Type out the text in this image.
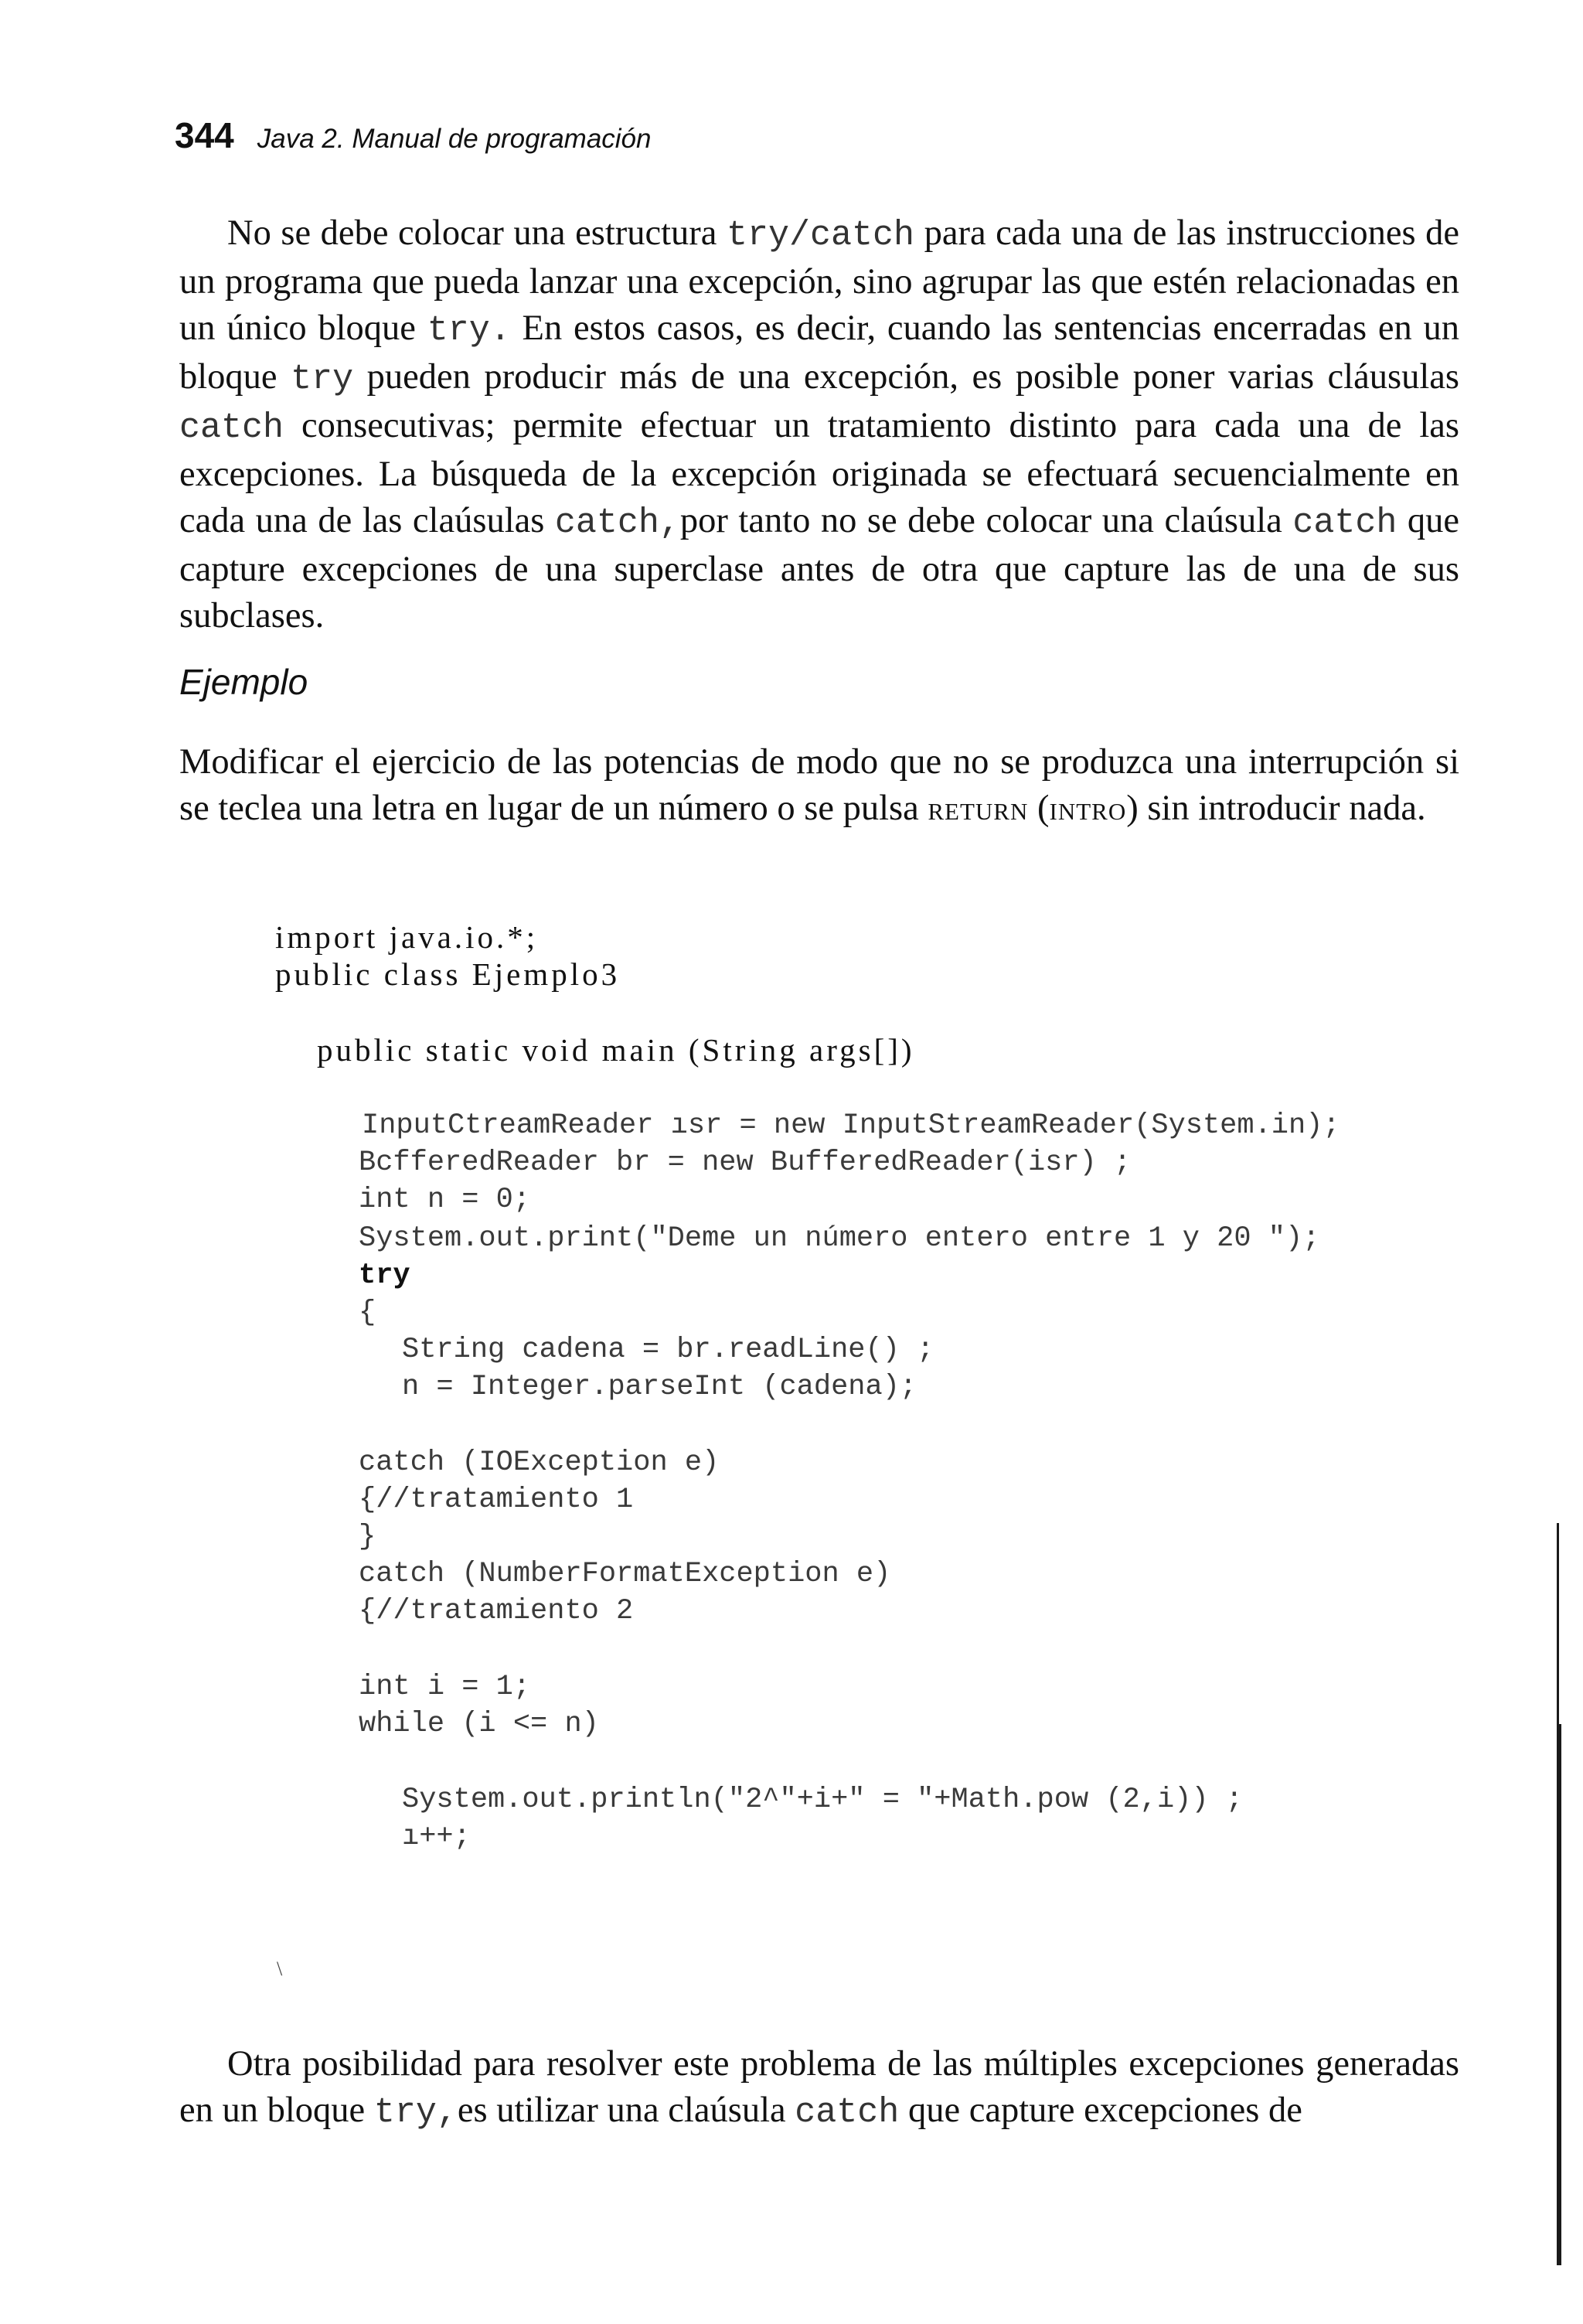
344 Java 2. Manual de programación

No se debe colocar una estructura try/catch para cada una de las instrucciones de un programa que pueda lanzar una excepción, sino agrupar las que estén relacionadas en un único bloque try. En estos casos, es decir, cuando las sentencias encerradas en un bloque try pueden producir más de una excepción, es posible poner varias cláusulas catch consecutivas; permite efectuar un tratamiento distinto para cada una de las excepciones. La búsqueda de la excepción originada se efectuará secuencialmente en cada una de las claúsulas catch,por tanto no se debe colocar una claúsula catch que capture excepciones de una superclase antes de otra que capture las de una de sus subclases.

Ejemplo

Modificar el ejercicio de las potencias de modo que no se produzca una interrupción si se teclea una letra en lugar de un número o se pulsa RETURN (INTRO) sin introducir nada.

import java.io.*;
public class Ejemplo3
public static void main (String args[])
InputCtreamReader ısr = new InputStreamReader(System.in);
BcfferedReader br = new BufferedReader(isr) ;
int n = 0;
System.out.print("Deme un número entero entre 1 y 20 ");
try
{
String cadena = br.readLine() ;
n = Integer.parseInt (cadena);
catch (IOException e)
{//tratamiento 1
}
catch (NumberFormatException e)
{//tratamiento 2
int i = 1;
while (i <= n)
System.out.println("2^"+i+" = "+Math.pow (2,i)) ;
ı++;
\

Otra posibilidad para resolver este problema de las múltiples excepciones generadas en un bloque try,es utilizar una claúsula catch que capture excepciones de
